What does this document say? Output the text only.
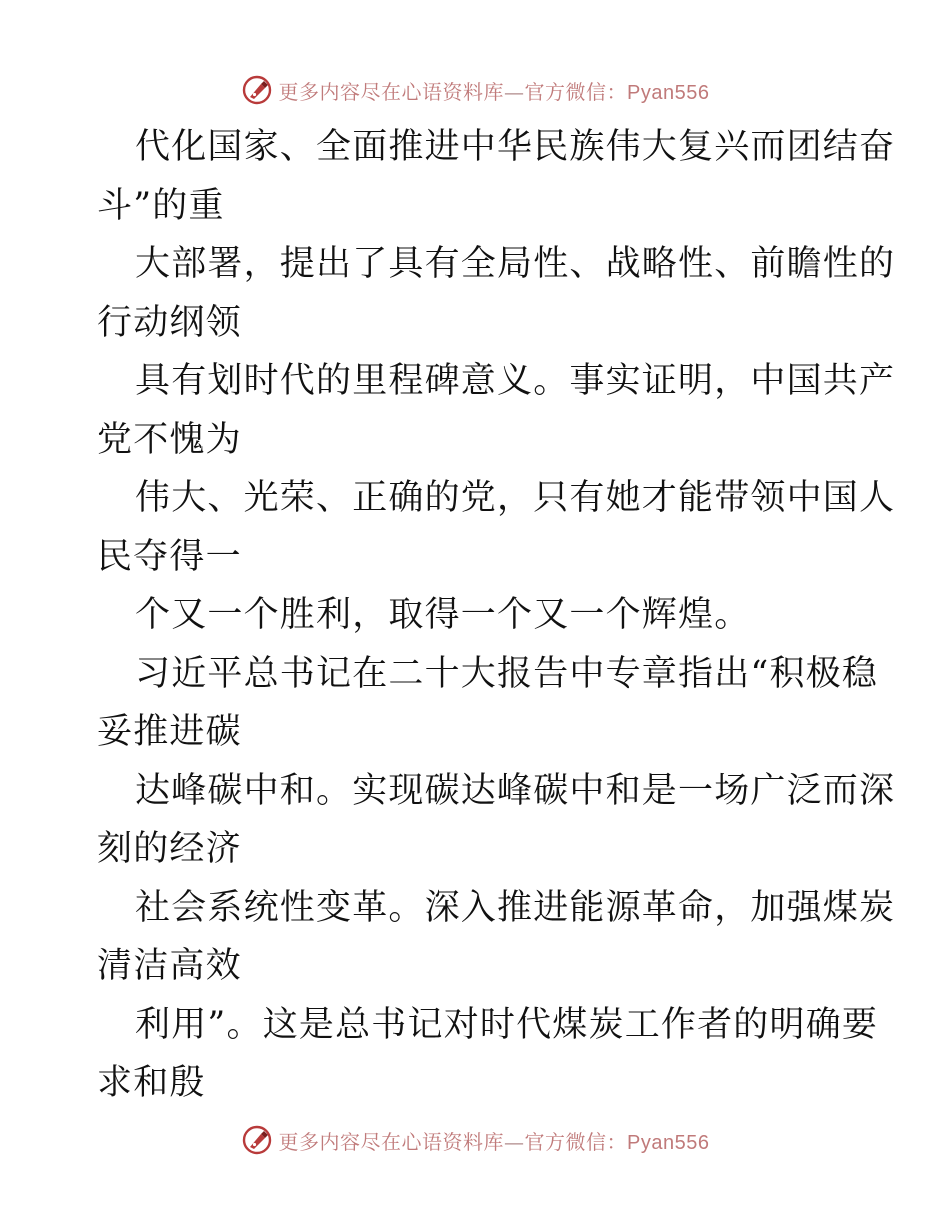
更多内容尽在心语资料库—官方微信：Pyan556
代化国家、全面推进中华民族伟大复兴而团结奋
斗”的重
大部署，提出了具有全局性、战略性、前瞻性的
行动纲领
具有划时代的里程碑意义。事实证明，中国共产
党不愧为
伟大、光荣、正确的党，只有她才能带领中国人
民夺得一
个又一个胜利，取得一个又一个辉煌。
习近平总书记在二十大报告中专章指出“积极稳
妥推进碳
达峰碳中和。实现碳达峰碳中和是一场广泛而深
刻的经济
社会系统性变革。深入推进能源革命，加强煤炭
清洁高效
利用”。这是总书记对时代煤炭工作者的明确要
求和殷
更多内容尽在心语资料库—官方微信：Pyan556
